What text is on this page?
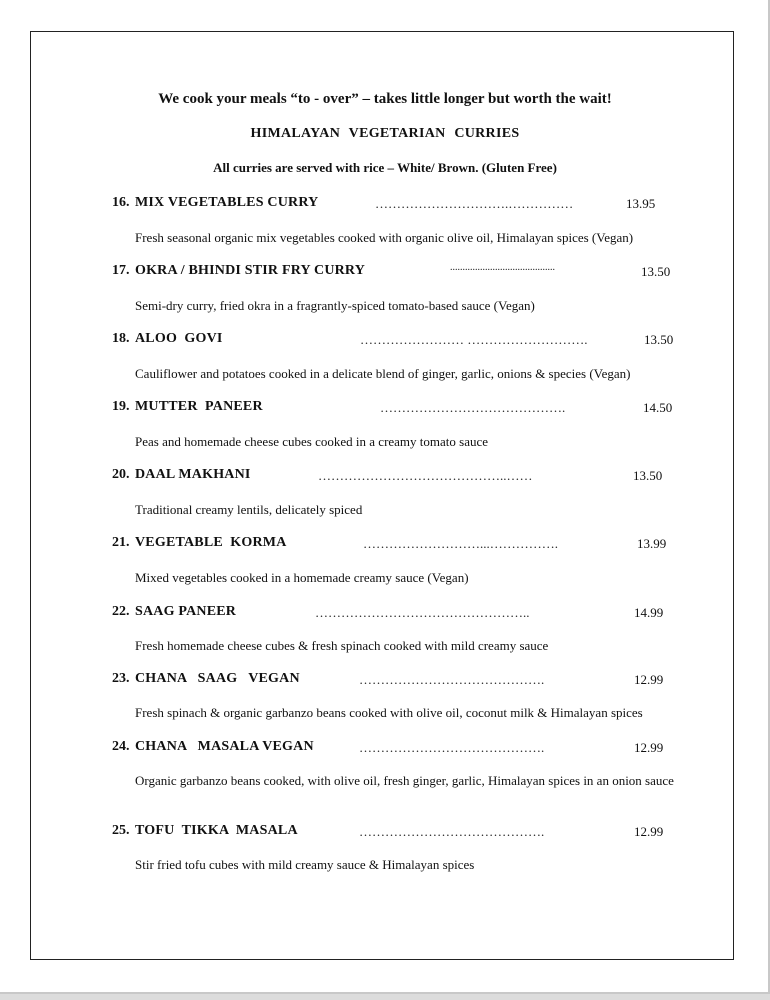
We cook your meals “to - over” – takes little longer but worth the wait!
HIMALAYAN VEGETARIAN CURRIES
All curries are served with rice – White/ Brown. (Gluten Free)
16. MIX VEGETABLES CURRY	………………………….……………	13.95
Fresh seasonal organic mix vegetables cooked with organic olive oil, Himalayan spices (Vegan)
17. OKRA / BHINDI STIR FRY CURRY	..........................................	13.50
Semi-dry curry, fried okra in a fragrantly-spiced tomato-based sauce (Vegan)
18. ALOO  GOVI	…………………… ……………………….	13.50
Cauliflower and potatoes cooked in a delicate blend of ginger, garlic, onions & species (Vegan)
19. MUTTER  PANEER	…………………………………….	14.50
Peas and homemade cheese cubes cooked in a creamy tomato sauce
20. DAAL MAKHANI	……………………………………..……	13.50
Traditional creamy lentils, delicately spiced
21. VEGETABLE  KORMA	………………………...…………….	13.99
Mixed vegetables cooked in a homemade creamy sauce (Vegan)
22. SAAG PANEER	…………………………………………..	14.99
Fresh homemade cheese cubes & fresh spinach cooked with mild creamy sauce
23. CHANA   SAAG   VEGAN	…………………………………….	12.99
Fresh spinach & organic garbanzo beans cooked with olive oil, coconut milk & Himalayan spices
24. CHANA   MASALA VEGAN	…………………………………….	12.99
Organic garbanzo beans cooked, with olive oil, fresh ginger, garlic, Himalayan spices in an onion sauce
25. TOFU  TIKKA  MASALA	…………………………………….	12.99
Stir fried tofu cubes with mild creamy sauce & Himalayan spices
